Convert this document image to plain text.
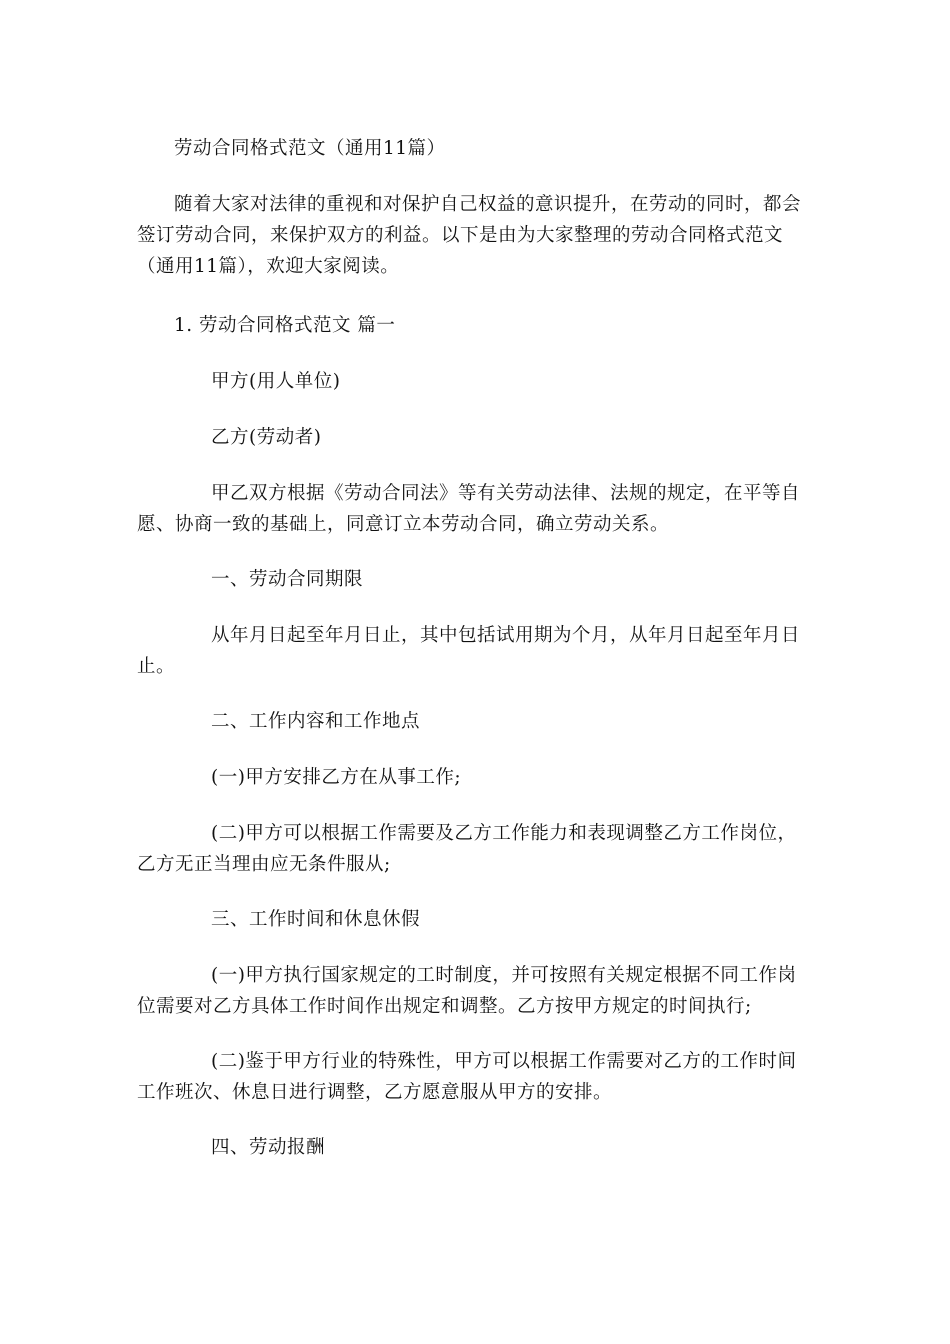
劳动合同格式范文（通用11篇）

随着大家对法律的重视和对保护自己权益的意识提升，在劳动的同时，都会签订劳动合同，来保护双方的利益。以下是由为大家整理的劳动合同格式范文（通用11篇），欢迎大家阅读。

1. 劳动合同格式范文 篇一

甲方(用人单位)

乙方(劳动者)

甲乙双方根据《劳动合同法》等有关劳动法律、法规的规定，在平等自愿、协商一致的基础上，同意订立本劳动合同，确立劳动关系。

一、劳动合同期限

从年月日起至年月日止，其中包括试用期为个月，从年月日起至年月日止。

二、工作内容和工作地点

(一)甲方安排乙方在从事工作;

(二)甲方可以根据工作需要及乙方工作能力和表现调整乙方工作岗位，乙方无正当理由应无条件服从;

三、工作时间和休息休假

(一)甲方执行国家规定的工时制度，并可按照有关规定根据不同工作岗位需要对乙方具体工作时间作出规定和调整。乙方按甲方规定的时间执行;

(二)鉴于甲方行业的特殊性，甲方可以根据工作需要对乙方的工作时间工作班次、休息日进行调整，乙方愿意服从甲方的安排。

四、劳动报酬
